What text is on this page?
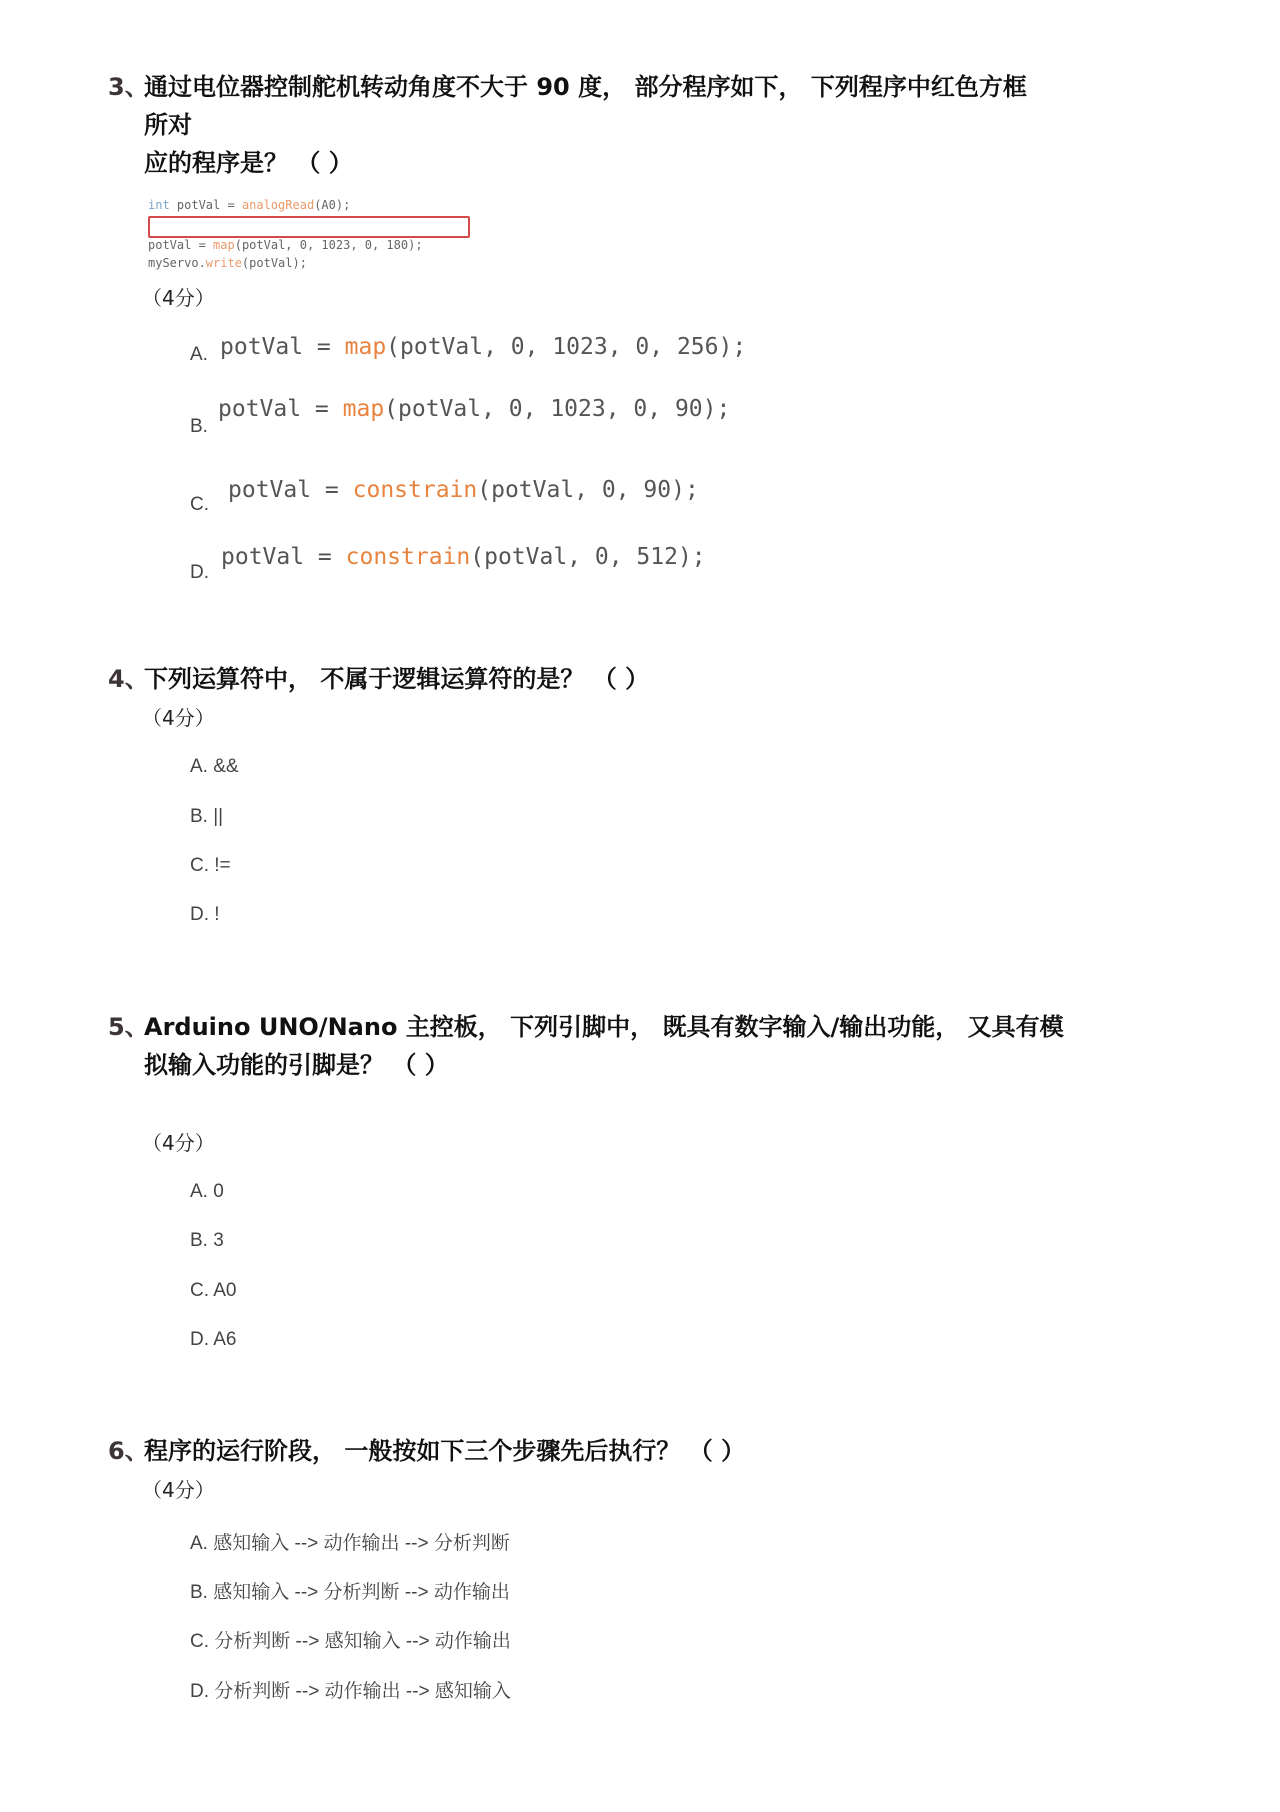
3、
通过电位器控制舵机转动角度不大于 90 度， 部分程序如下， 下列程序中红色方框
所对
应的程序是？ （ ）
int potVal = analogRead(A0);
potVal = map(potVal, 0, 1023, 0, 180);
myServo.write(potVal);
（4分）
A. potVal = map(potVal, 0, 1023, 0, 256);
B.
potVal = map(potVal, 0, 1023, 0, 90);
C.
potVal = constrain(potVal, 0, 90);
D.
potVal = constrain(potVal, 0, 512);
4、
下列运算符中， 不属于逻辑运算符的是？ （ ）
（4分）
A. &&
B. ||
C. !=
D. !
5、
Arduino UNO/Nano 主控板， 下列引脚中， 既具有数字输入/输出功能， 又具有模
拟输入功能的引脚是？ （ ）
（4分）
A. 0
B. 3
C. A0
D. A6
6、
程序的运行阶段， 一般按如下三个步骤先后执行？ （ ）
（4分）
A. 感知输入 --> 动作输出 --> 分析判断
B. 感知输入 --> 分析判断 --> 动作输出
C. 分析判断 --> 感知输入 --> 动作输出
D. 分析判断 --> 动作输出 --> 感知输入
